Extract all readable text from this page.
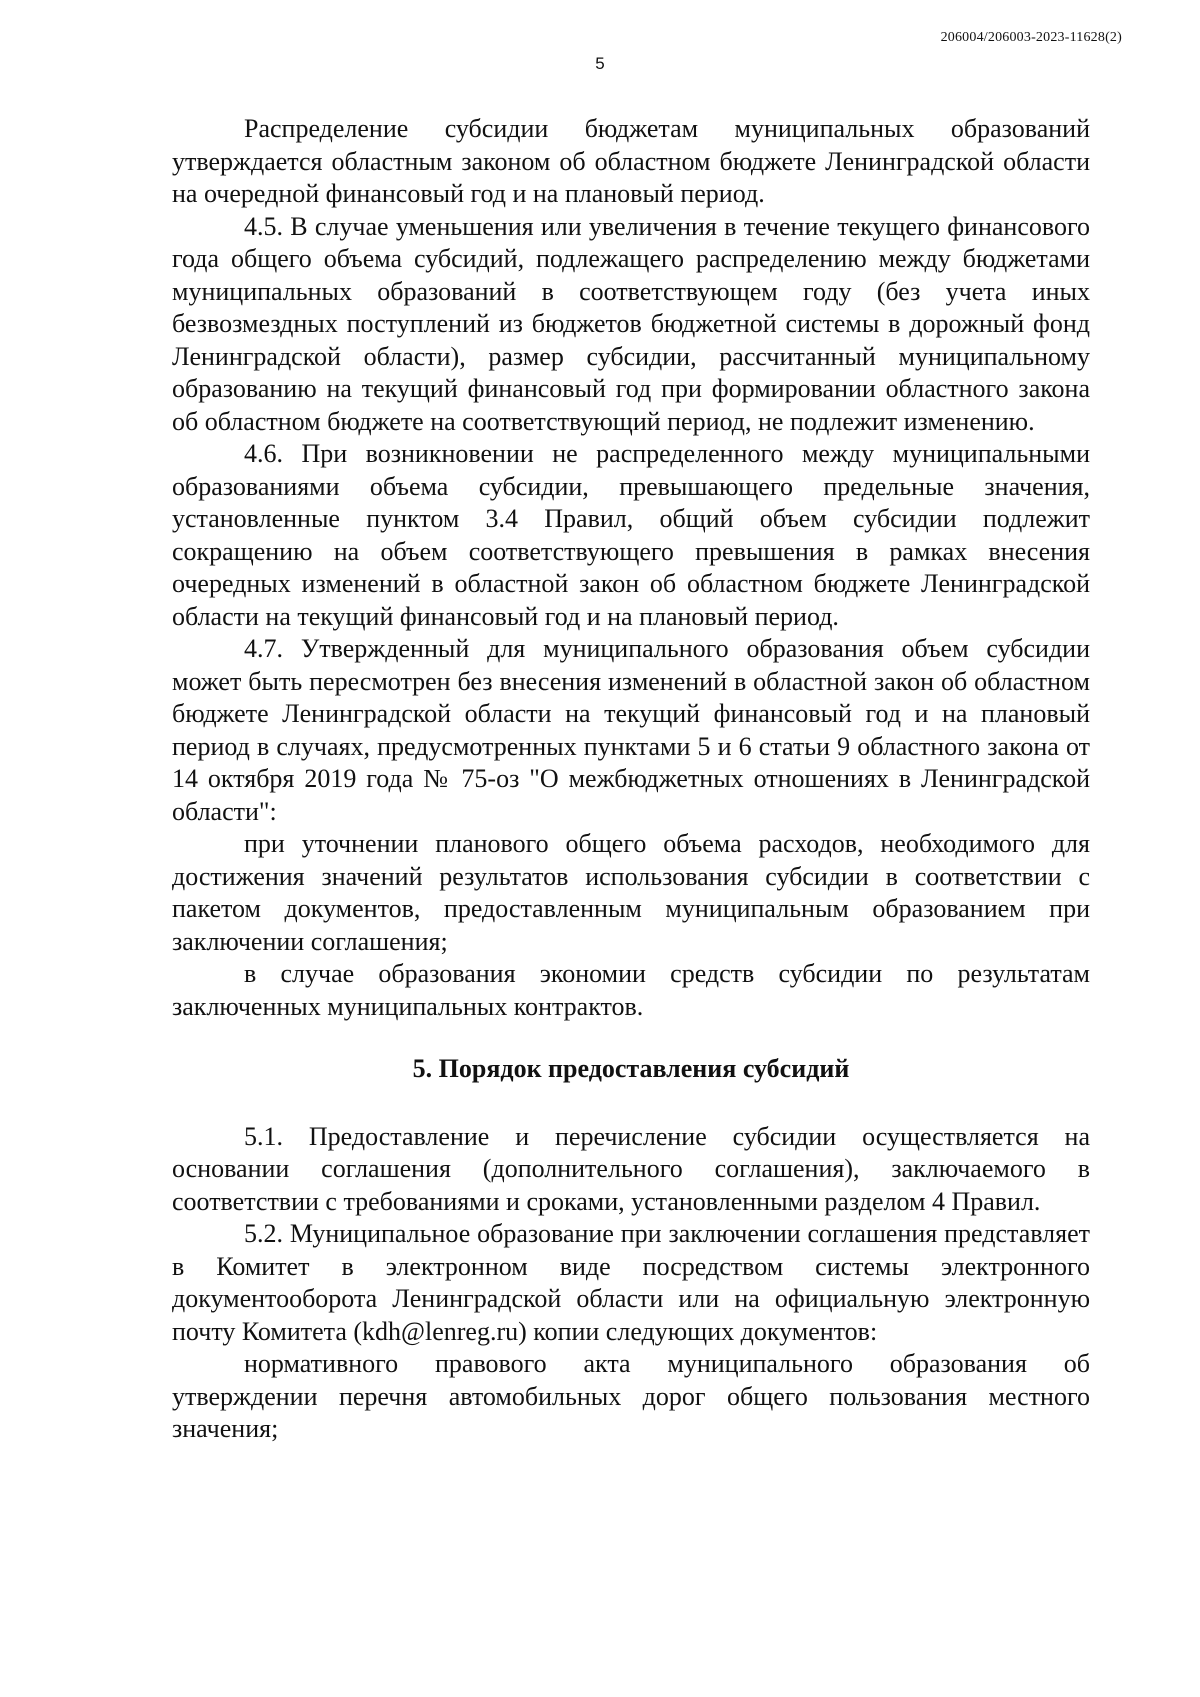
206004/206003-2023-11628(2)
5

Распределение субсидии бюджетам муниципальных образований утверждается областным законом об областном бюджете Ленинградской области на очередной финансовый год и на плановый период.

4.5. В случае уменьшения или увеличения в течение текущего финансового года общего объема субсидий, подлежащего распределению между бюджетами муниципальных образований в соответствующем году (без учета иных безвозмездных поступлений из бюджетов бюджетной системы в дорожный фонд Ленинградской области), размер субсидии, рассчитанный муниципальному образованию на текущий финансовый год при формировании областного закона об областном бюджете на соответствующий период, не подлежит изменению.

4.6. При возникновении не распределенного между муниципальными образованиями объема субсидии, превышающего предельные значения, установленные пунктом 3.4 Правил, общий объем субсидии подлежит сокращению на объем соответствующего превышения в рамках внесения очередных изменений в областной закон об областном бюджете Ленинградской области на текущий финансовый год и на плановый период.

4.7. Утвержденный для муниципального образования объем субсидии может быть пересмотрен без внесения изменений в областной закон об областном бюджете Ленинградской области на текущий финансовый год и на плановый период в случаях, предусмотренных пунктами 5 и 6 статьи 9 областного закона от 14 октября 2019 года № 75-оз "О межбюджетных отношениях в Ленинградской области":

при уточнении планового общего объема расходов, необходимого для достижения значений результатов использования субсидии в соответствии с пакетом документов, предоставленным муниципальным образованием при заключении соглашения;

в случае образования экономии средств субсидии по результатам заключенных муниципальных контрактов.

5. Порядок предоставления субсидий

5.1. Предоставление и перечисление субсидии осуществляется на основании соглашения (дополнительного соглашения), заключаемого в соответствии с требованиями и сроками, установленными разделом 4 Правил.

5.2. Муниципальное образование при заключении соглашения представляет в Комитет в электронном виде посредством системы электронного документооборота Ленинградской области или на официальную электронную почту Комитета (kdh@lenreg.ru) копии следующих документов:

нормативного правового акта муниципального образования об утверждении перечня автомобильных дорог общего пользования местного значения;
